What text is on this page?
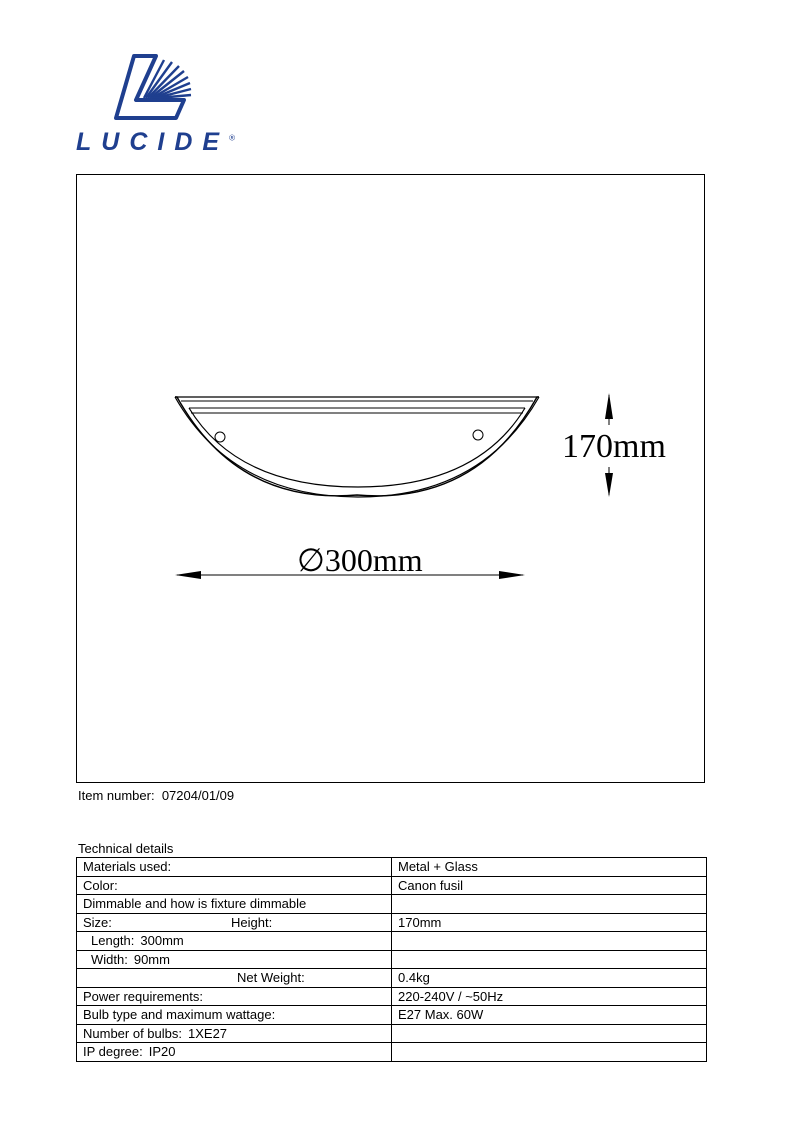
LUCIDE®
170mm
∅300mm
Item number: 07204/01/09
Technical details
Materials used:	Metal + Glass
Color:	Canon fusil
Dimmable and how is fixture dimmable	
Size: Height:	170mm
Length: 300mm	
Width: 90mm	
Net Weight:	0.4kg
Power requirements:	220-240V / ~50Hz
Bulb type and maximum wattage:	E27 Max. 60W
Number of bulbs: 1XE27	
IP degree: IP20	
